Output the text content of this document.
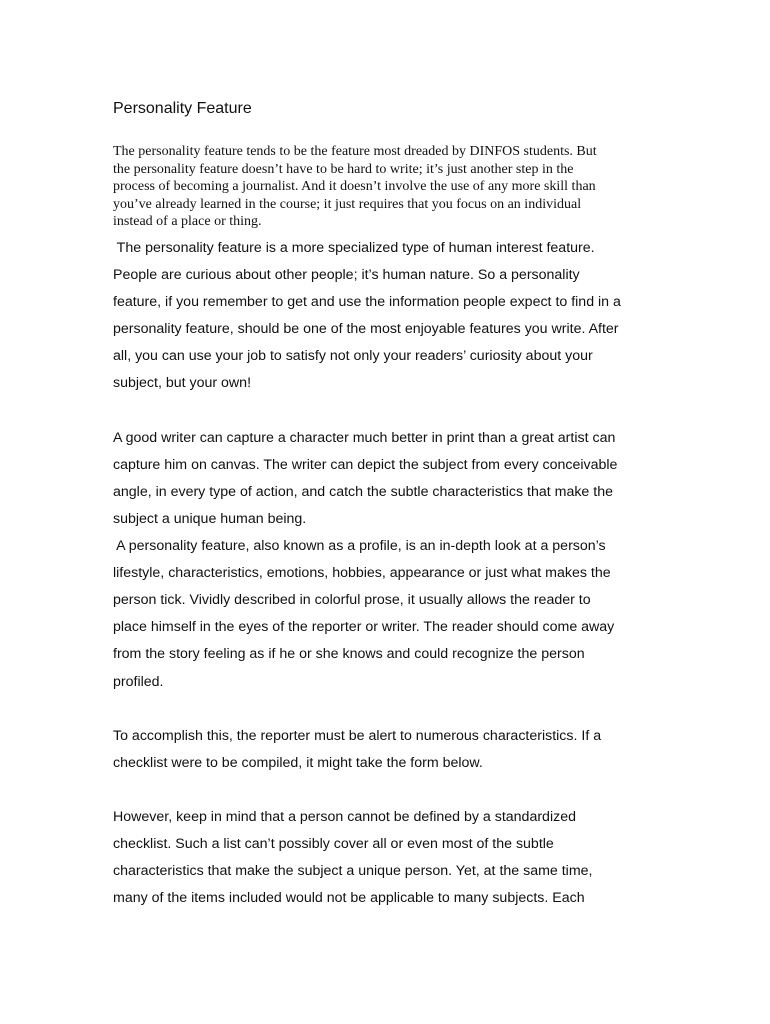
Personality Feature
The personality feature tends to be the feature most dreaded by DINFOS students. But
the personality feature doesn’t have to be hard to write; it’s just another step in the
process of becoming a journalist. And it doesn’t involve the use of any more skill than
you’ve already learned in the course; it just requires that you focus on an individual
instead of a place or thing.
The personality feature is a more specialized type of human interest feature.
People are curious about other people; it’s human nature. So a personality
feature, if you remember to get and use the information people expect to find in a
personality feature, should be one of the most enjoyable features you write. After
all, you can use your job to satisfy not only your readers’ curiosity about your
subject, but your own!
A good writer can capture a character much better in print than a great artist can
capture him on canvas. The writer can depict the subject from every conceivable
angle, in every type of action, and catch the subtle characteristics that make the
subject a unique human being.
A personality feature, also known as a profile, is an in-depth look at a person’s
lifestyle, characteristics, emotions, hobbies, appearance or just what makes the
person tick. Vividly described in colorful prose, it usually allows the reader to
place himself in the eyes of the reporter or writer. The reader should come away
from the story feeling as if he or she knows and could recognize the person
profiled.
To accomplish this, the reporter must be alert to numerous characteristics. If a
checklist were to be compiled, it might take the form below.
However, keep in mind that a person cannot be defined by a standardized
checklist. Such a list can’t possibly cover all or even most of the subtle
characteristics that make the subject a unique person. Yet, at the same time,
many of the items included would not be applicable to many subjects. Each
